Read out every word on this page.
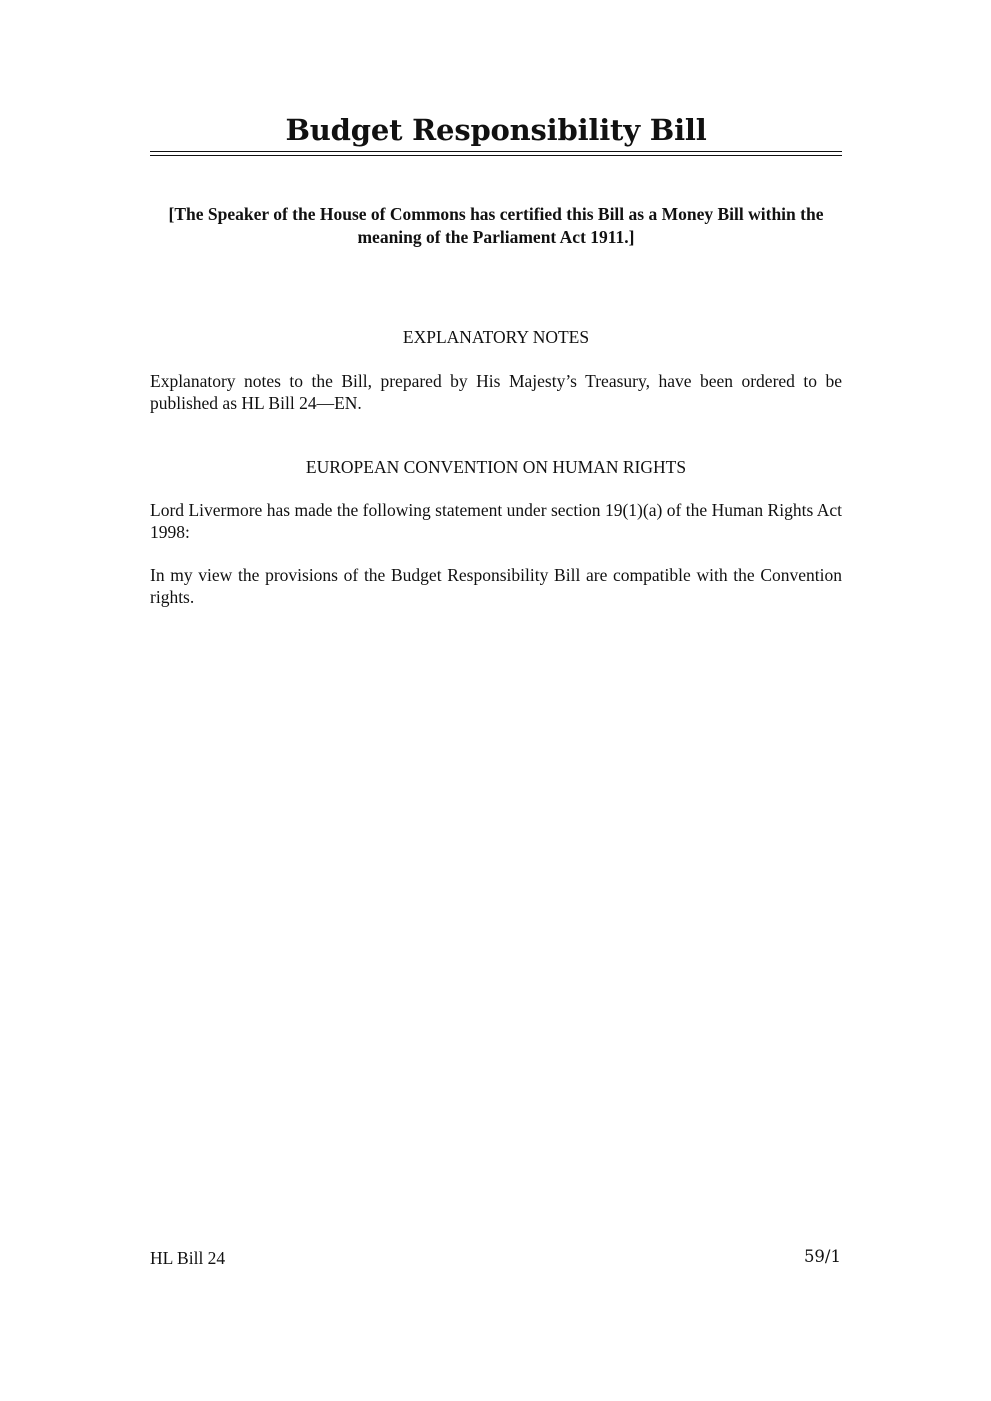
Budget Responsibility Bill

[The Speaker of the House of Commons has certified this Bill as a Money Bill within the meaning of the Parliament Act 1911.]

EXPLANATORY NOTES

Explanatory notes to the Bill, prepared by His Majesty’s Treasury, have been ordered to be published as HL Bill 24—EN.

EUROPEAN CONVENTION ON HUMAN RIGHTS

Lord Livermore has made the following statement under section 19(1)(a) of the Human Rights Act 1998:

In my view the provisions of the Budget Responsibility Bill are compatible with the Convention rights.

HL Bill 24	59/1
